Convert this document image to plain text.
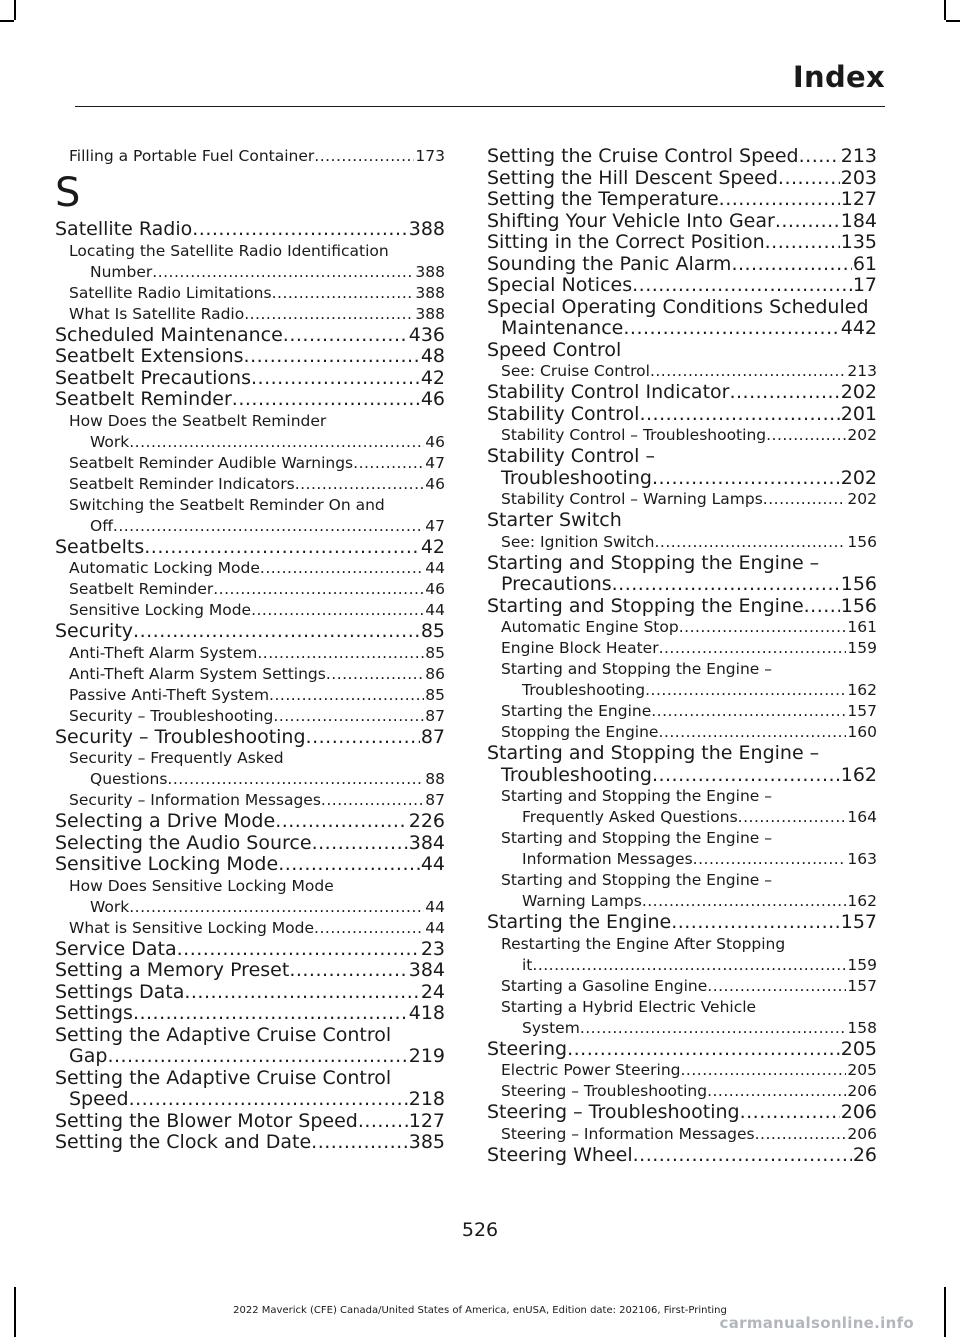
Index
Filling a Portable Fuel Container .....	173
S
Satellite Radio .....	388
Locating the Satellite Radio Identification
Number .....	388
Satellite Radio Limitations .....	388
What Is Satellite Radio .....	388
Scheduled Maintenance .....	436
Seatbelt Extensions .....	48
Seatbelt Precautions .....	42
Seatbelt Reminder .....	46
How Does the Seatbelt Reminder
Work .....	46
Seatbelt Reminder Audible Warnings .....	47
Seatbelt Reminder Indicators .....	46
Switching the Seatbelt Reminder On and
Off .....	47
Seatbelts .....	42
Automatic Locking Mode .....	44
Seatbelt Reminder .....	46
Sensitive Locking Mode .....	44
Security .....	85
Anti-Theft Alarm System .....	85
Anti-Theft Alarm System Settings .....	86
Passive Anti-Theft System .....	85
Security – Troubleshooting .....	87
Security – Troubleshooting .....	87
Security – Frequently Asked
Questions .....	88
Security – Information Messages .....	87
Selecting a Drive Mode .....	226
Selecting the Audio Source .....	384
Sensitive Locking Mode .....	44
How Does Sensitive Locking Mode
Work .....	44
What is Sensitive Locking Mode .....	44
Service Data .....	23
Setting a Memory Preset .....	384
Settings Data .....	24
Settings .....	418
Setting the Adaptive Cruise Control
Gap .....	219
Setting the Adaptive Cruise Control
Speed .....	218
Setting the Blower Motor Speed .....	127
Setting the Clock and Date .....	385
Setting the Cruise Control Speed ..... 213
Setting the Hill Descent Speed .....	203
Setting the Temperature .....	127
Shifting Your Vehicle Into Gear .....	184
Sitting in the Correct Position .....	135
Sounding the Panic Alarm .....	61
Special Notices .....	17
Special Operating Conditions Scheduled
Maintenance .....	442
Speed Control
See: Cruise Control .....	213
Stability Control Indicator .....	202
Stability Control .....	201
Stability Control – Troubleshooting .....	202
Stability Control –
Troubleshooting .....	202
Stability Control – Warning Lamps .....	202
Starter Switch
See: Ignition Switch .....	156
Starting and Stopping the Engine –
Precautions .....	156
Starting and Stopping the Engine ..... 156
Automatic Engine Stop .....	161
Engine Block Heater .....	159
Starting and Stopping the Engine –
Troubleshooting .....	162
Starting the Engine .....	157
Stopping the Engine .....	160
Starting and Stopping the Engine –
Troubleshooting .....	162
Starting and Stopping the Engine –
Frequently Asked Questions .....	164
Starting and Stopping the Engine –
Information Messages .....	163
Starting and Stopping the Engine –
Warning Lamps .....	162
Starting the Engine .....	157
Restarting the Engine After Stopping
it .....	159
Starting a Gasoline Engine .....	157
Starting a Hybrid Electric Vehicle
System .....	158
Steering .....	205
Electric Power Steering .....	205
Steering – Troubleshooting .....	206
Steering – Troubleshooting .....	206
Steering – Information Messages .....	206
Steering Wheel .....	26
526
2022 Maverick (CFE) Canada/United States of America, enUSA, Edition date: 202106, First-Printing
carmanualsonline.info
